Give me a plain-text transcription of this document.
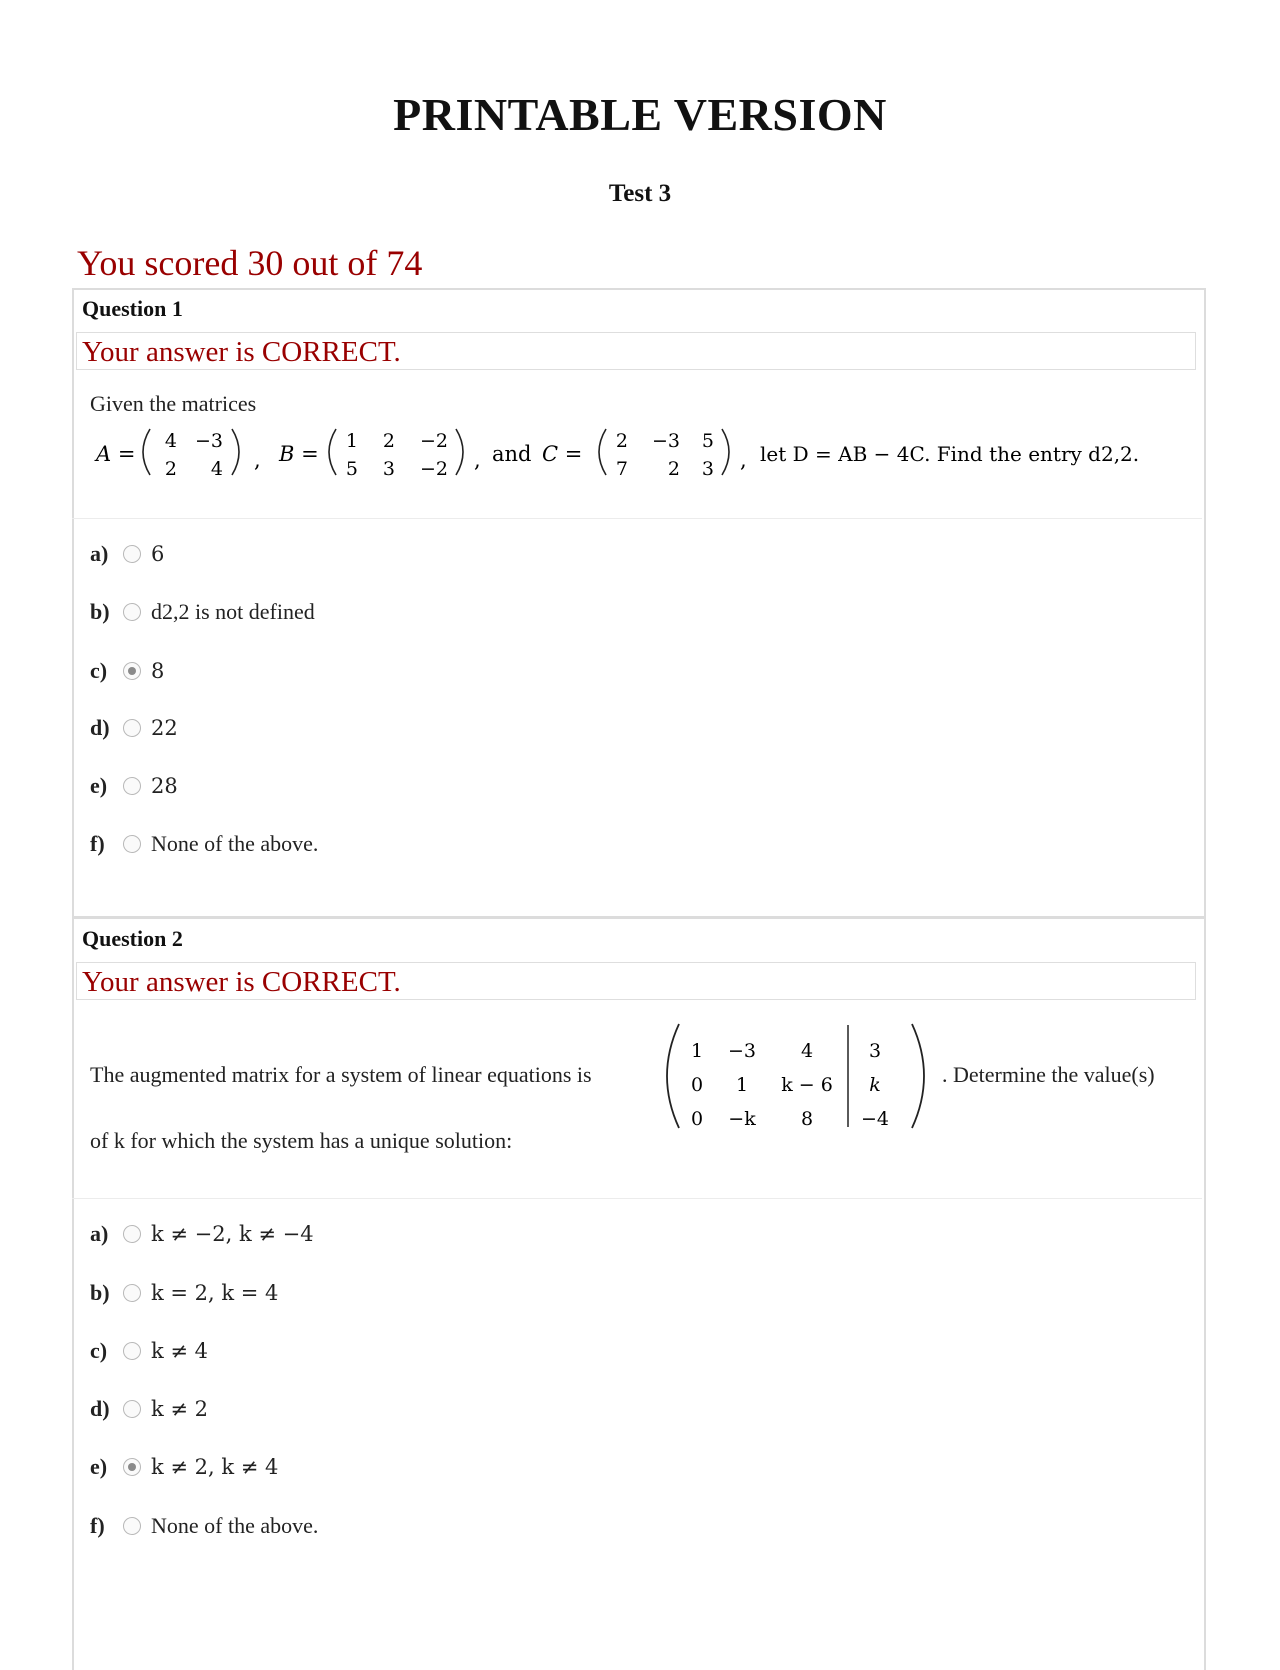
PRINTABLE VERSION
Test 3
You scored 30 out of 74
Question 1
Your answer is CORRECT.
Given the matrices
A =
4 −3
2 4 , B =
1 2 −2
5 3 −2 , and C =
2 −3 5
7 2 3 , let D = AB − 4C. Find the entry d2,2.
a)	6
b)	d2,2 is not defined
c)	8
d)	22
e)	28
f)	None of the above.
Question 2
Your answer is CORRECT.
The augmented matrix for a system of linear equations is
1 −3 4	3
0 1 k − 6 k
0 −k 8	−4
. Determine the value(s)
of k for which the system has a unique solution:
a)	k ≠ −2, k ≠ −4
b)	k = 2, k = 4
c)	k ≠ 4
d)	k ≠ 2
e)	k ≠ 2, k ≠ 4
f)	None of the above.
